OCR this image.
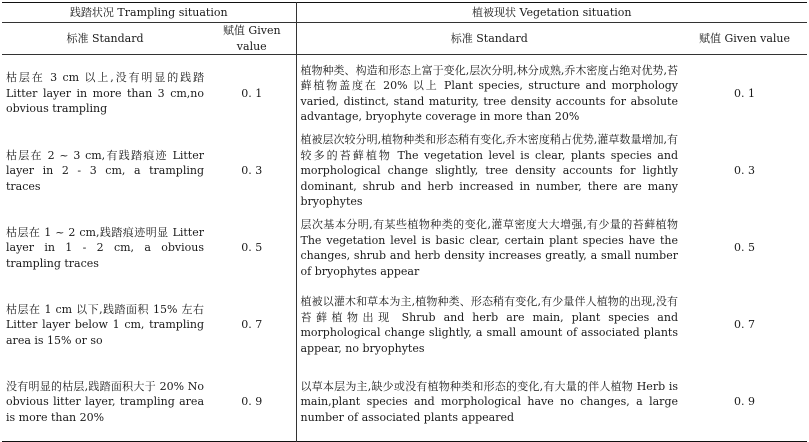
践踏状况 Trampling situation		植被现状 Vegetation situation	
标准 Standard	赋值 Given value	标准 Standard	赋值 Given value
枯层在 3 cm 以上,没有明显的践踏 Litter layer in more than 3 cm,no obvious trampling	0. 1	植物种类、构造和形态上富于变化,层次分明,林分成熟,乔木密度占绝对优势,苔藓植物盖度在 20% 以上 Plant species, structure and morphology varied, distinct, stand maturity, tree density accounts for absolute advantage, bryophyte coverage in more than 20%	0. 1
枯层在 2 ~ 3 cm,有践踏痕迹 Litter layer in 2 - 3 cm, a trampling traces	0. 3	植被层次较分明,植物种类和形态稍有变化,乔木密度稍占优势,灌草数量增加,有较多的苔藓植物 The vegetation level is clear, plants species and morphological change slightly, tree density accounts for lightly dominant, shrub and herb increased in number, there are many bryophytes	0. 3
枯层在 1 ~ 2 cm,践踏痕迹明显 Litter layer in 1 - 2 cm, a obvious trampling traces	0. 5	层次基本分明,有某些植物种类的变化,灌草密度大大增强,有少量的苔藓植物 The vegetation level is basic clear, certain plant species have the changes, shrub and herb density increases greatly, a small number of bryophytes appear	0. 5
枯层在 1 cm 以下,践踏面积 15% 左右 Litter layer below 1 cm, trampling area is 15% or so	0. 7	植被以灌木和草本为主,植物种类、形态稍有变化,有少量伴人植物的出现,没有苔藓植物出现 Shrub and herb are main, plant species and morphological change slightly, a small amount of associated plants appear, no bryophytes	0. 7
没有明显的枯层,践踏面积大于 20% No obvious litter layer, trampling area is more than 20%	0. 9	以草本层为主,缺少或没有植物种类和形态的变化,有大量的伴人植物 Herb is main,plant species and morphological have no changes, a large number of associated plants appeared	0. 9
